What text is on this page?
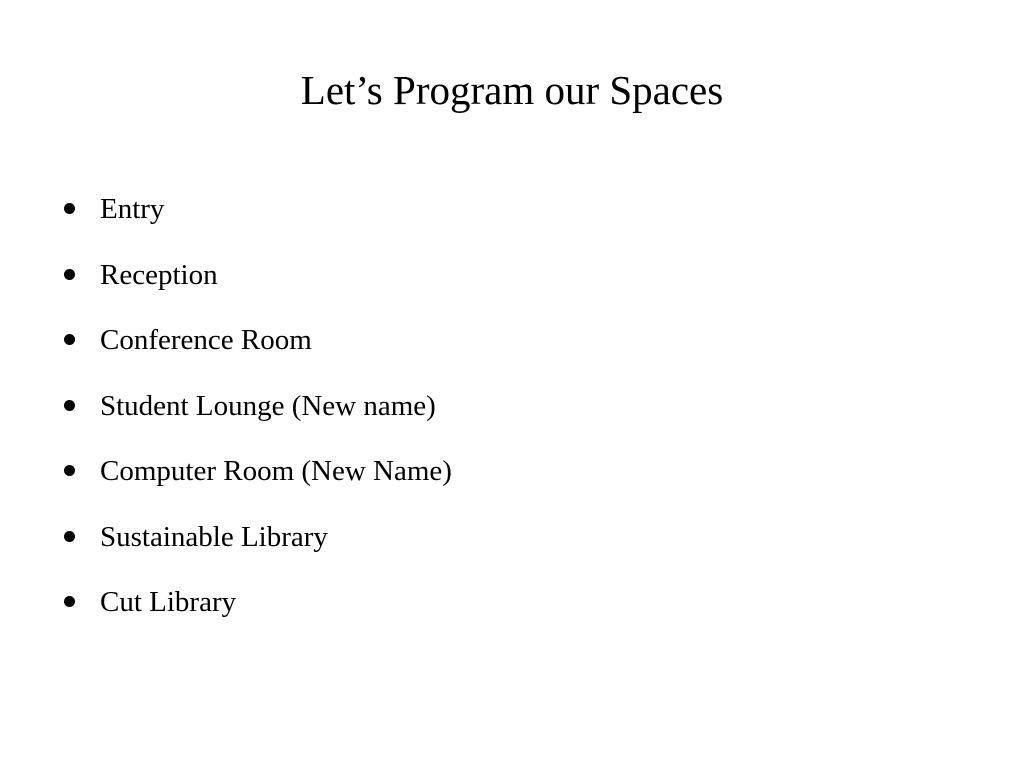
Let’s Program our Spaces
Entry
Reception
Conference Room
Student Lounge (New name)
Computer Room (New Name)
Sustainable Library
Cut Library
